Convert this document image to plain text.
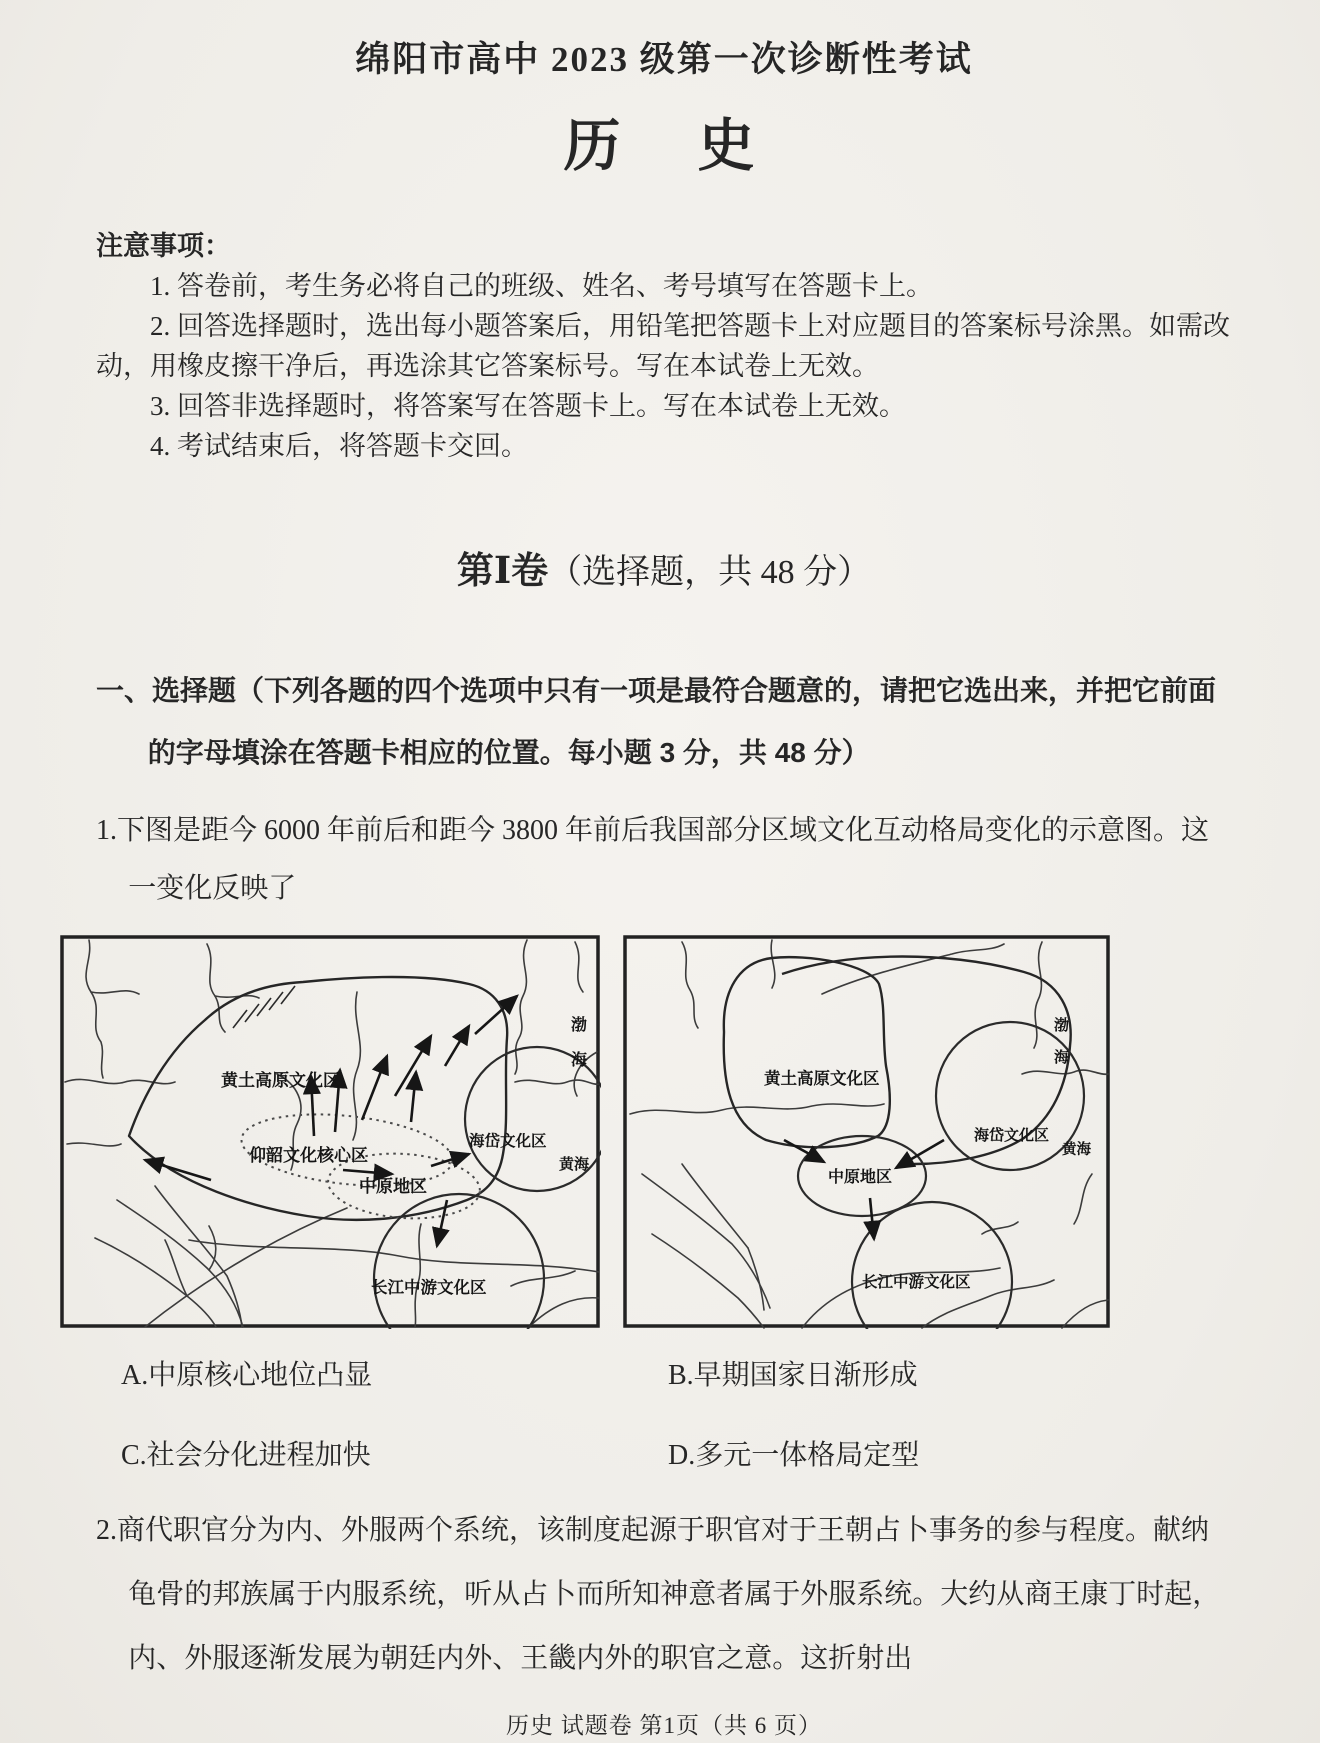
绵阳市高中 2023 级第一次诊断性考试
历　史
注意事项：
1. 答卷前，考生务必将自己的班级、姓名、考号填写在答题卡上。
2. 回答选择题时，选出每小题答案后，用铅笔把答题卡上对应题目的答案标号涂黑。如需改动，用橡皮擦干净后，再选涂其它答案标号。写在本试卷上无效。
3. 回答非选择题时，将答案写在答题卡上。写在本试卷上无效。
4. 考试结束后，将答题卡交回。
第Ⅰ卷（选择题，共 48 分）
一、选择题（下列各题的四个选项中只有一项是最符合题意的，请把它选出来，并把它前面
的字母填涂在答题卡相应的位置。每小题 3 分，共 48 分）
1.下图是距今 6000 年前后和距今 3800 年前后我国部分区域文化互动格局变化的示意图。这
一变化反映了
黄土高原文化区
仰韶文化核心区
中原地区
海岱文化区
渤
海
黄海
长江中游文化区
黄土高原文化区
海岱文化区
中原地区
长江中游文化区
渤
海
黄海
A.中原核心地位凸显	B.早期国家日渐形成
C.社会分化进程加快	D.多元一体格局定型
2.商代职官分为内、外服两个系统，该制度起源于职官对于王朝占卜事务的参与程度。献纳
龟骨的邦族属于内服系统，听从占卜而所知神意者属于外服系统。大约从商王康丁时起，
内、外服逐渐发展为朝廷内外、王畿内外的职官之意。这折射出
历史 试题卷 第1页（共 6 页）
